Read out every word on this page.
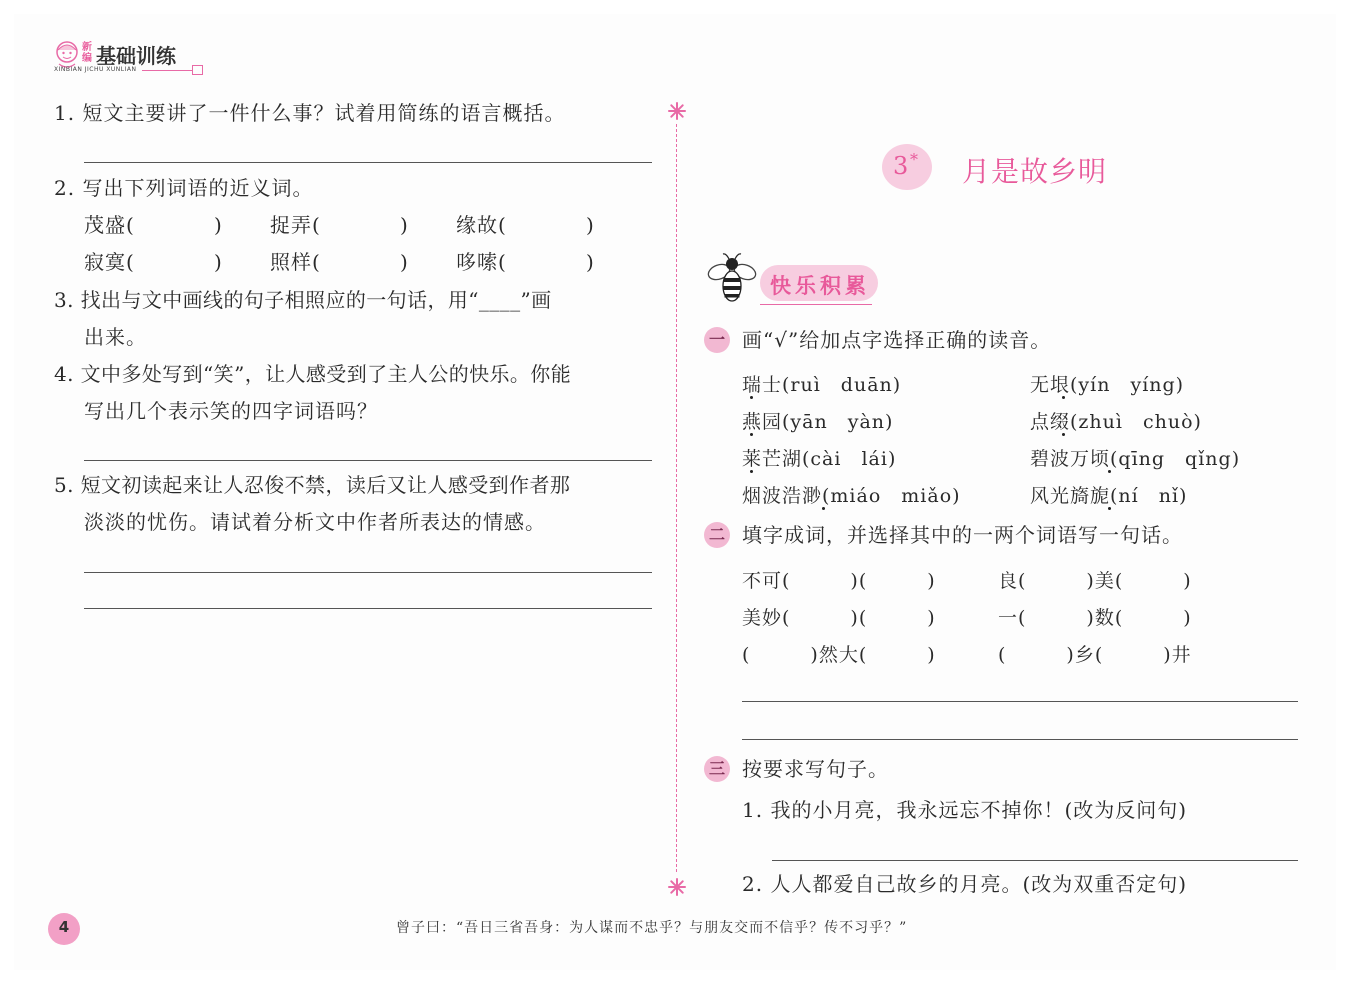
新编 基础训练
XINBIAN JICHU XUNLIAN
1. 短文主要讲了一件什么事？试着用简练的语言概括。
2. 写出下列词语的近义词。
茂盛(	) 捉弄(	) 缘故(	)
寂寞(	) 照样(	) 哆嗦(	)
3. 找出与文中画线的句子相照应的一句话，用“____”画
出来。
4. 文中多处写到“笑”，让人感受到了主人公的快乐。你能
写出几个表示笑的四字词语吗？
5. 短文初读起来让人忍俊不禁，读后又让人感受到作者那
淡淡的忧伤。请试着分析文中作者所表达的情感。
3 * 月是故乡明
快乐积累
一 画“√”给加点字选择正确的读音。
瑞士(ruì　duān)	无垠(yín　yíng)
燕园(yān　yàn)	点缀(zhuì　chuò)
莱芒湖(cài　lái)	碧波万顷(qīng　qǐng)
烟波浩渺(miáo　miǎo)	风光旖旎(ní　nǐ)
二 填字成词，并选择其中的一两个词语写一句话。
不可(　　　)(　　　)	良(　　　)美(　　　)
美妙(　　　)(　　　)	一(　　　)数(　　　)
(　　　)然大(　　　)	(　　　)乡(　　　)井
三 按要求写句子。
1. 我的小月亮，我永远忘不掉你！(改为反问句)
2. 人人都爱自己故乡的月亮。(改为双重否定句)
4	曾子曰：“吾日三省吾身：为人谋而不忠乎？与朋友交而不信乎？传不习乎？”
